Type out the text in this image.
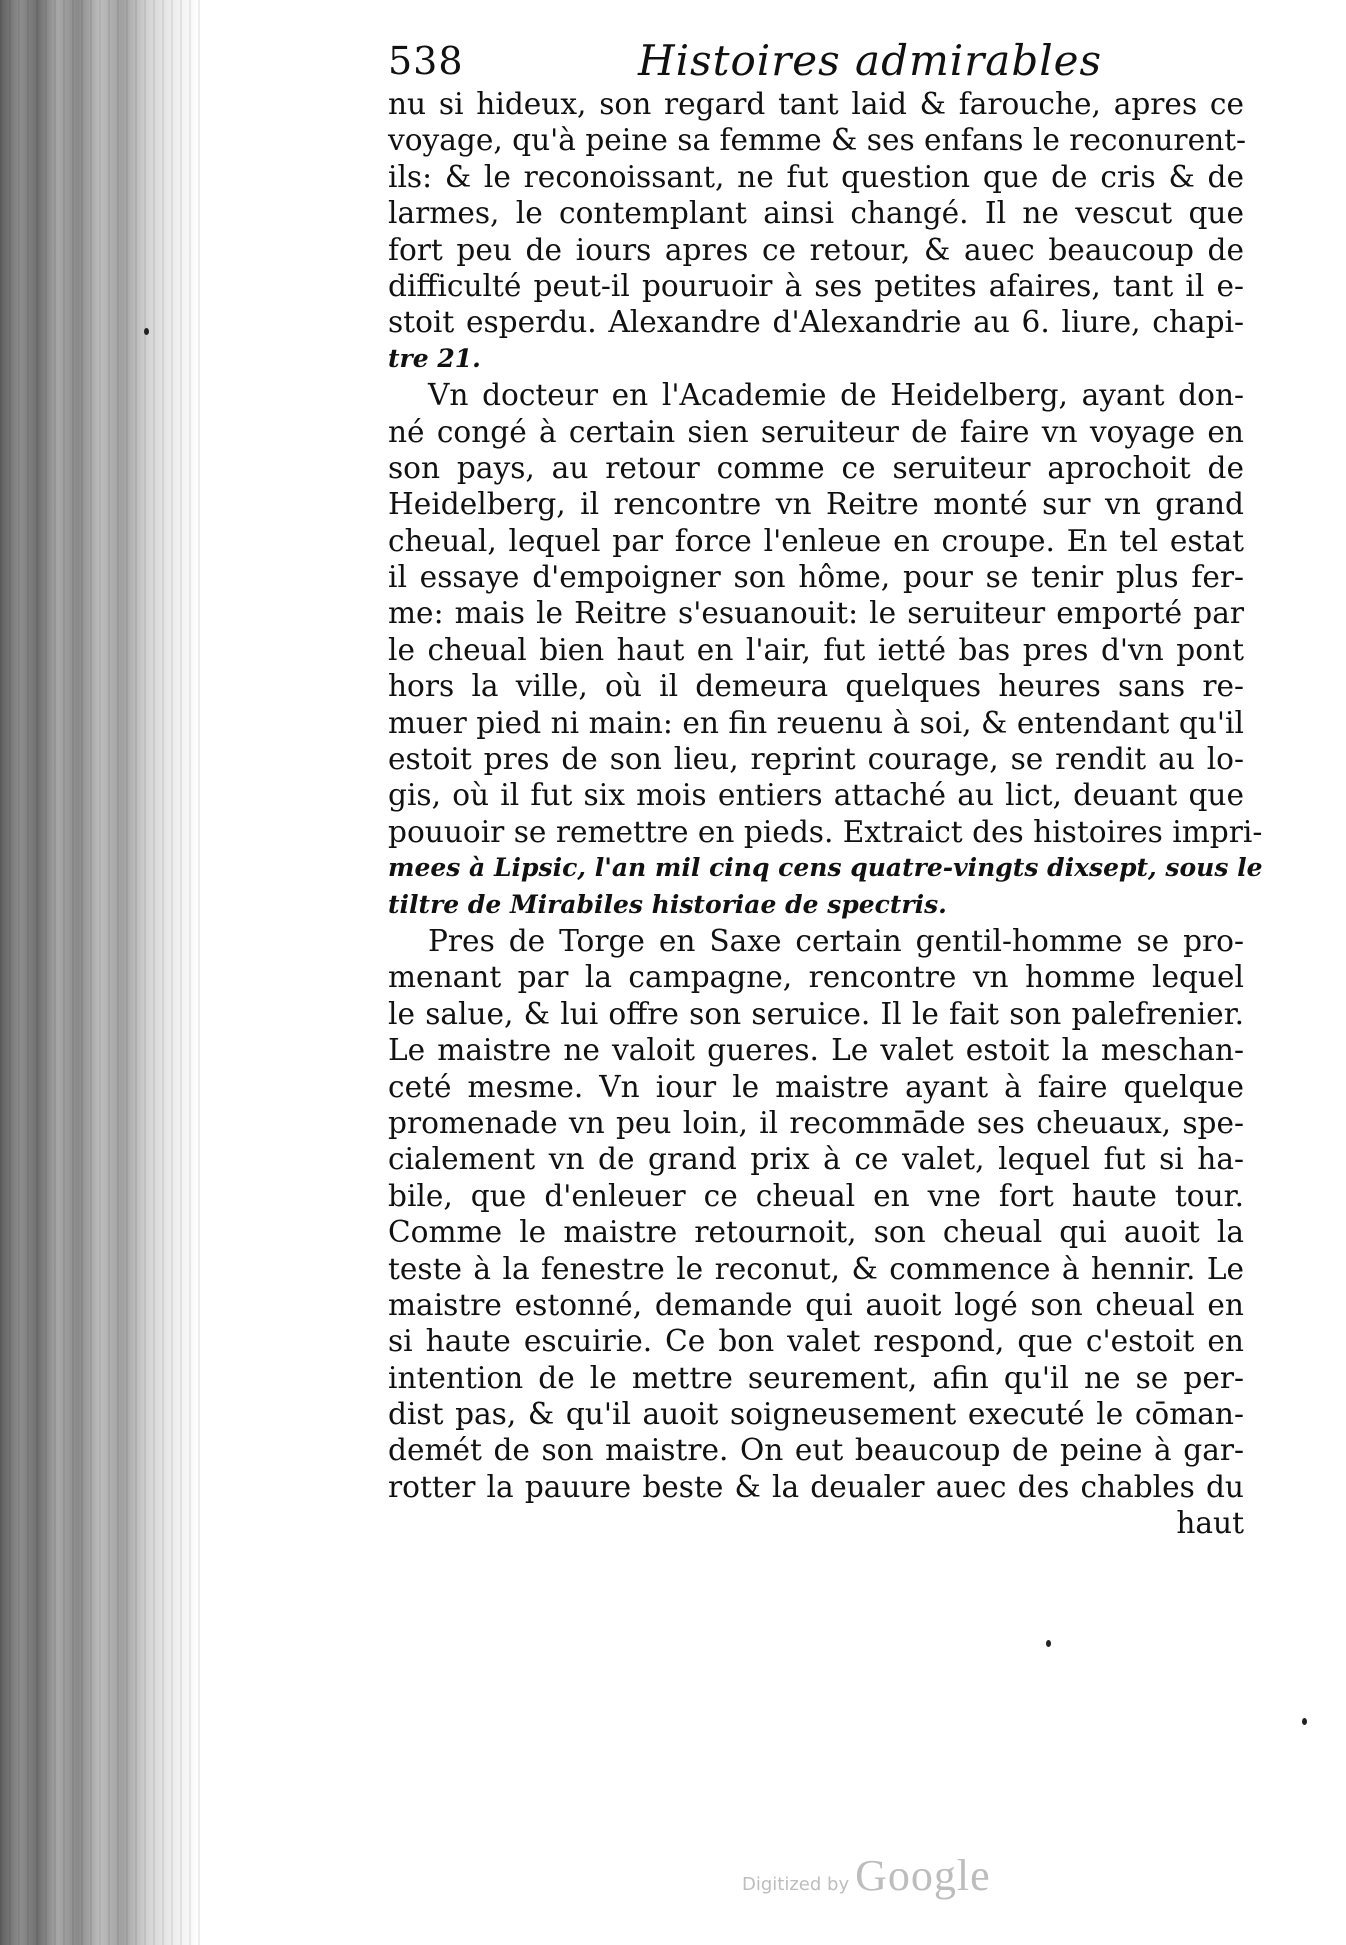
538	Histoires admirables
nu si hideux, son regard tant laid & farouche, apres ce
voyage, qu'à peine sa femme & ses enfans le reconurent-
ils: & le reconoissant, ne fut question que de cris & de
larmes, le contemplant ainsi changé. Il ne vescut que
fort peu de iours apres ce retour, & auec beaucoup de
difficulté peut-il pouruoir à ses petites afaires, tant il e-
stoit esperdu. Alexandre d'Alexandrie au 6. liure, chapi-
tre 21.
Vn docteur en l'Academie de Heidelberg, ayant don-
né congé à certain sien seruiteur de faire vn voyage en
son pays, au retour comme ce seruiteur aprochoit de
Heidelberg, il rencontre vn Reitre monté sur vn grand
cheual, lequel par force l'enleue en croupe. En tel estat
il essaye d'empoigner son hôme, pour se tenir plus fer-
me: mais le Reitre s'esuanouit: le seruiteur emporté par
le cheual bien haut en l'air, fut ietté bas pres d'vn pont
hors la ville, où il demeura quelques heures sans re-
muer pied ni main: en fin reuenu à soi, & entendant qu'il
estoit pres de son lieu, reprint courage, se rendit au lo-
gis, où il fut six mois entiers attaché au lict, deuant que
pouuoir se remettre en pieds. Extraict des histoires impri-
mees à Lipsic, l'an mil cinq cens quatre-vingts dixsept, sous le
tiltre de Mirabiles historiae de spectris.
Pres de Torge en Saxe certain gentil-homme se pro-
menant par la campagne, rencontre vn homme lequel
le salue, & lui offre son seruice. Il le fait son palefrenier.
Le maistre ne valoit gueres. Le valet estoit la meschan-
ceté mesme. Vn iour le maistre ayant à faire quelque
promenade vn peu loin, il recommāde ses cheuaux, spe-
cialement vn de grand prix à ce valet, lequel fut si ha-
bile, que d'enleuer ce cheual en vne fort haute tour.
Comme le maistre retournoit, son cheual qui auoit la
teste à la fenestre le reconut, & commence à hennir. Le
maistre estonné, demande qui auoit logé son cheual en
si haute escuirie. Ce bon valet respond, que c'estoit en
intention de le mettre seurement, afin qu'il ne se per-
dist pas, & qu'il auoit soigneusement executé le cōman-
demét de son maistre. On eut beaucoup de peine à gar-
rotter la pauure beste & la deualer auec des chables du
haut
Digitized by Google
